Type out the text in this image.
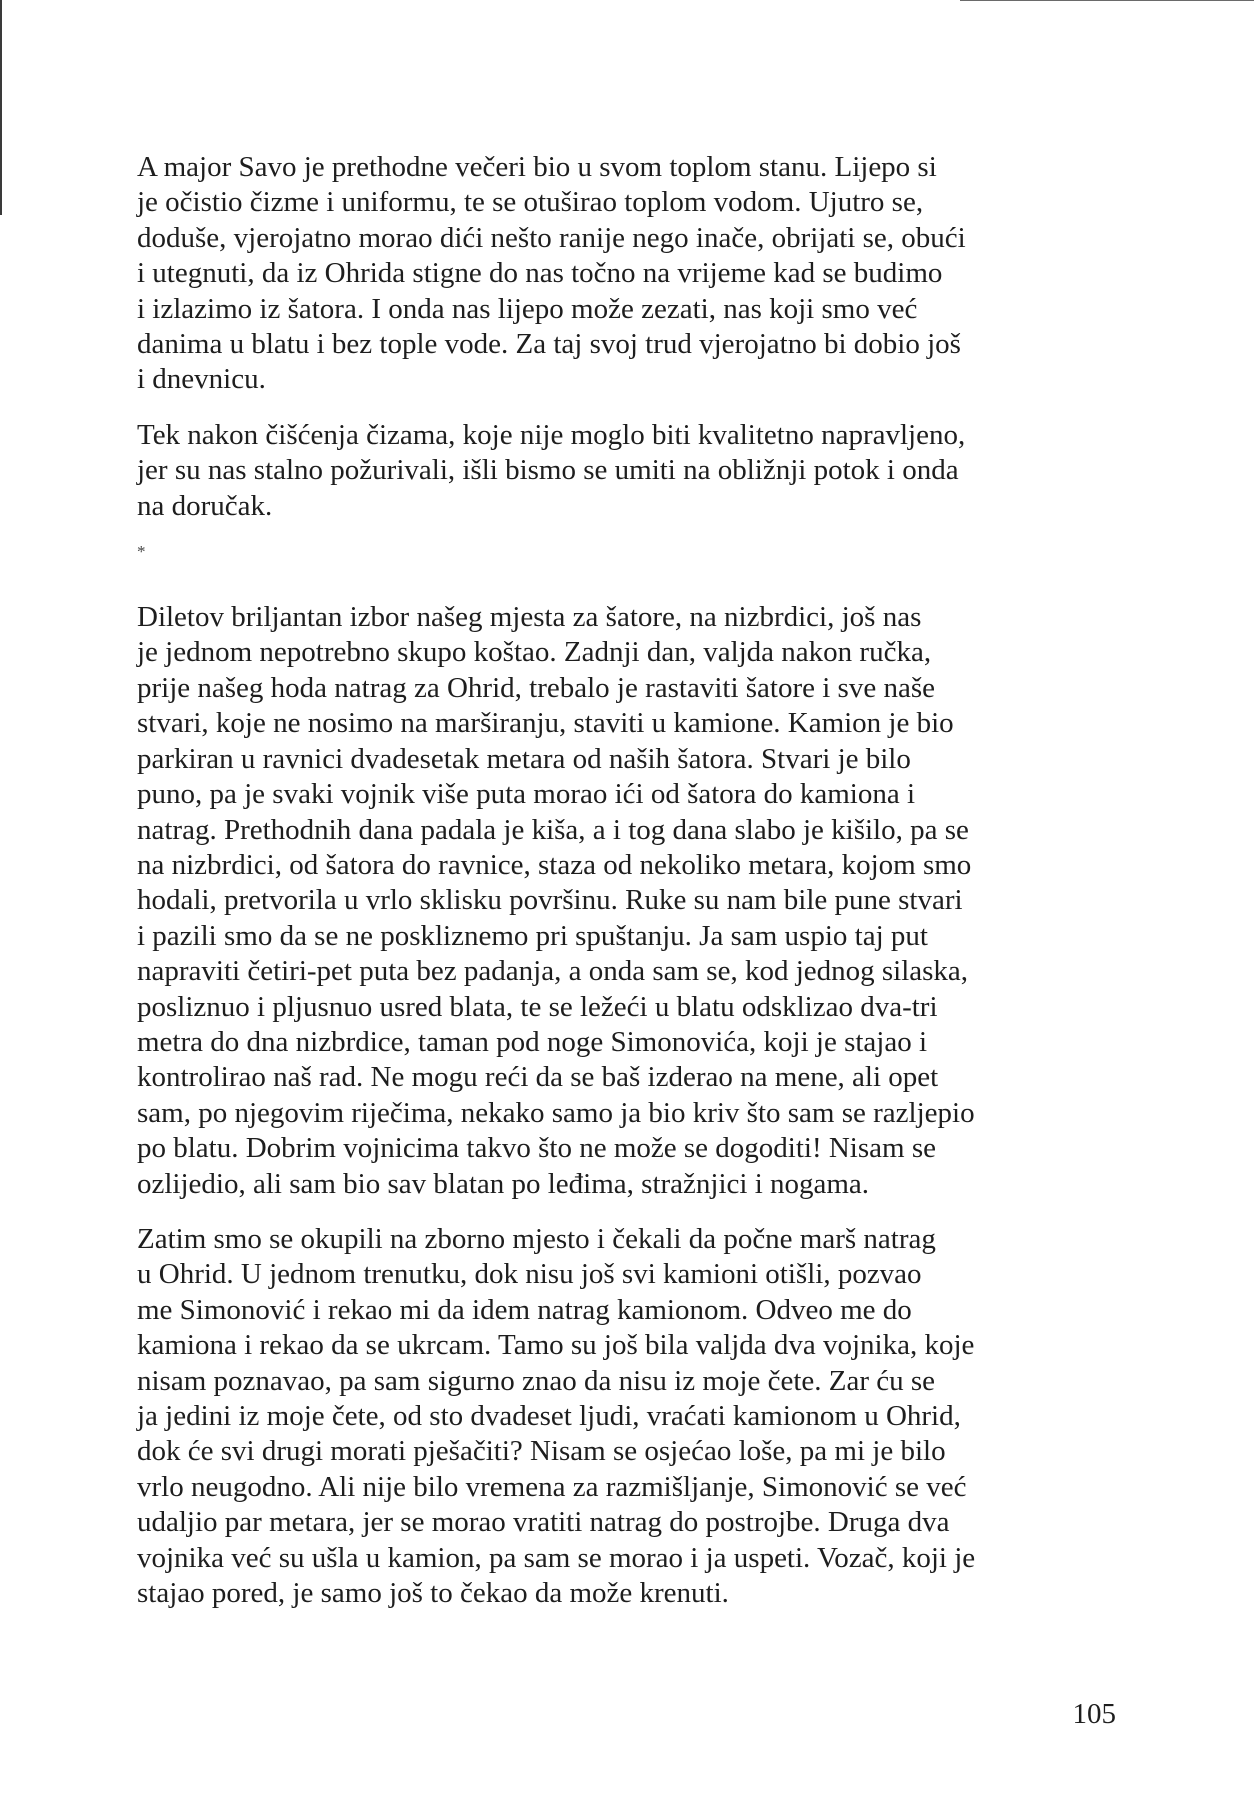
A major Savo je prethodne večeri bio u svom toplom stanu. Lijepo si
je očistio čizme i uniformu, te se otuširao toplom vodom. Ujutro se,
doduše, vjerojatno morao dići nešto ranije nego inače, obrijati se, obući
i utegnuti, da iz Ohrida stigne do nas točno na vrijeme kad se budimo
i izlazimo iz šatora. I onda nas lijepo može zezati, nas koji smo već
danima u blatu i bez tople vode. Za taj svoj trud vjerojatno bi dobio još
i dnevnicu.
Tek nakon čišćenja čizama, koje nije moglo biti kvalitetno napravljeno,
jer su nas stalno požurivali, išli bismo se umiti na obližnji potok i onda
na doručak.
*
Diletov briljantan izbor našeg mjesta za šatore, na nizbrdici, još nas
je jednom nepotrebno skupo koštao. Zadnji dan, valjda nakon ručka,
prije našeg hoda natrag za Ohrid, trebalo je rastaviti šatore i sve naše
stvari, koje ne nosimo na marširanju, staviti u kamione. Kamion je bio
parkiran u ravnici dvadesetak metara od naših šatora. Stvari je bilo
puno, pa je svaki vojnik više puta morao ići od šatora do kamiona i
natrag. Prethodnih dana padala je kiša, a i tog dana slabo je kišilo, pa se
na nizbrdici, od šatora do ravnice, staza od nekoliko metara, kojom smo
hodali, pretvorila u vrlo sklisku površinu. Ruke su nam bile pune stvari
i pazili smo da se ne poskliznemo pri spuštanju. Ja sam uspio taj put
napraviti četiri-pet puta bez padanja, a onda sam se, kod jednog silaska,
posliznuo i pljusnuo usred blata, te se ležeći u blatu odsklizao dva-tri
metra do dna nizbrdice, taman pod noge Simonovića, koji je stajao i
kontrolirao naš rad. Ne mogu reći da se baš izderao na mene, ali opet
sam, po njegovim riječima, nekako samo ja bio kriv što sam se razljepio
po blatu. Dobrim vojnicima takvo što ne može se dogoditi! Nisam se
ozlijedio, ali sam bio sav blatan po leđima, stražnjici i nogama.
Zatim smo se okupili na zborno mjesto i čekali da počne marš natrag
u Ohrid. U jednom trenutku, dok nisu još svi kamioni otišli, pozvao
me Simonović i rekao mi da idem natrag kamionom. Odveo me do
kamiona i rekao da se ukrcam. Tamo su još bila valjda dva vojnika, koje
nisam poznavao, pa sam sigurno znao da nisu iz moje čete. Zar ću se
ja jedini iz moje čete, od sto dvadeset ljudi, vraćati kamionom u Ohrid,
dok će svi drugi morati pješačiti? Nisam se osjećao loše, pa mi je bilo
vrlo neugodno. Ali nije bilo vremena za razmišljanje, Simonović se već
udaljio par metara, jer se morao vratiti natrag do postrojbe. Druga dva
vojnika već su ušla u kamion, pa sam se morao i ja uspeti. Vozač, koji je
stajao pored, je samo još to čekao da može krenuti.
105
